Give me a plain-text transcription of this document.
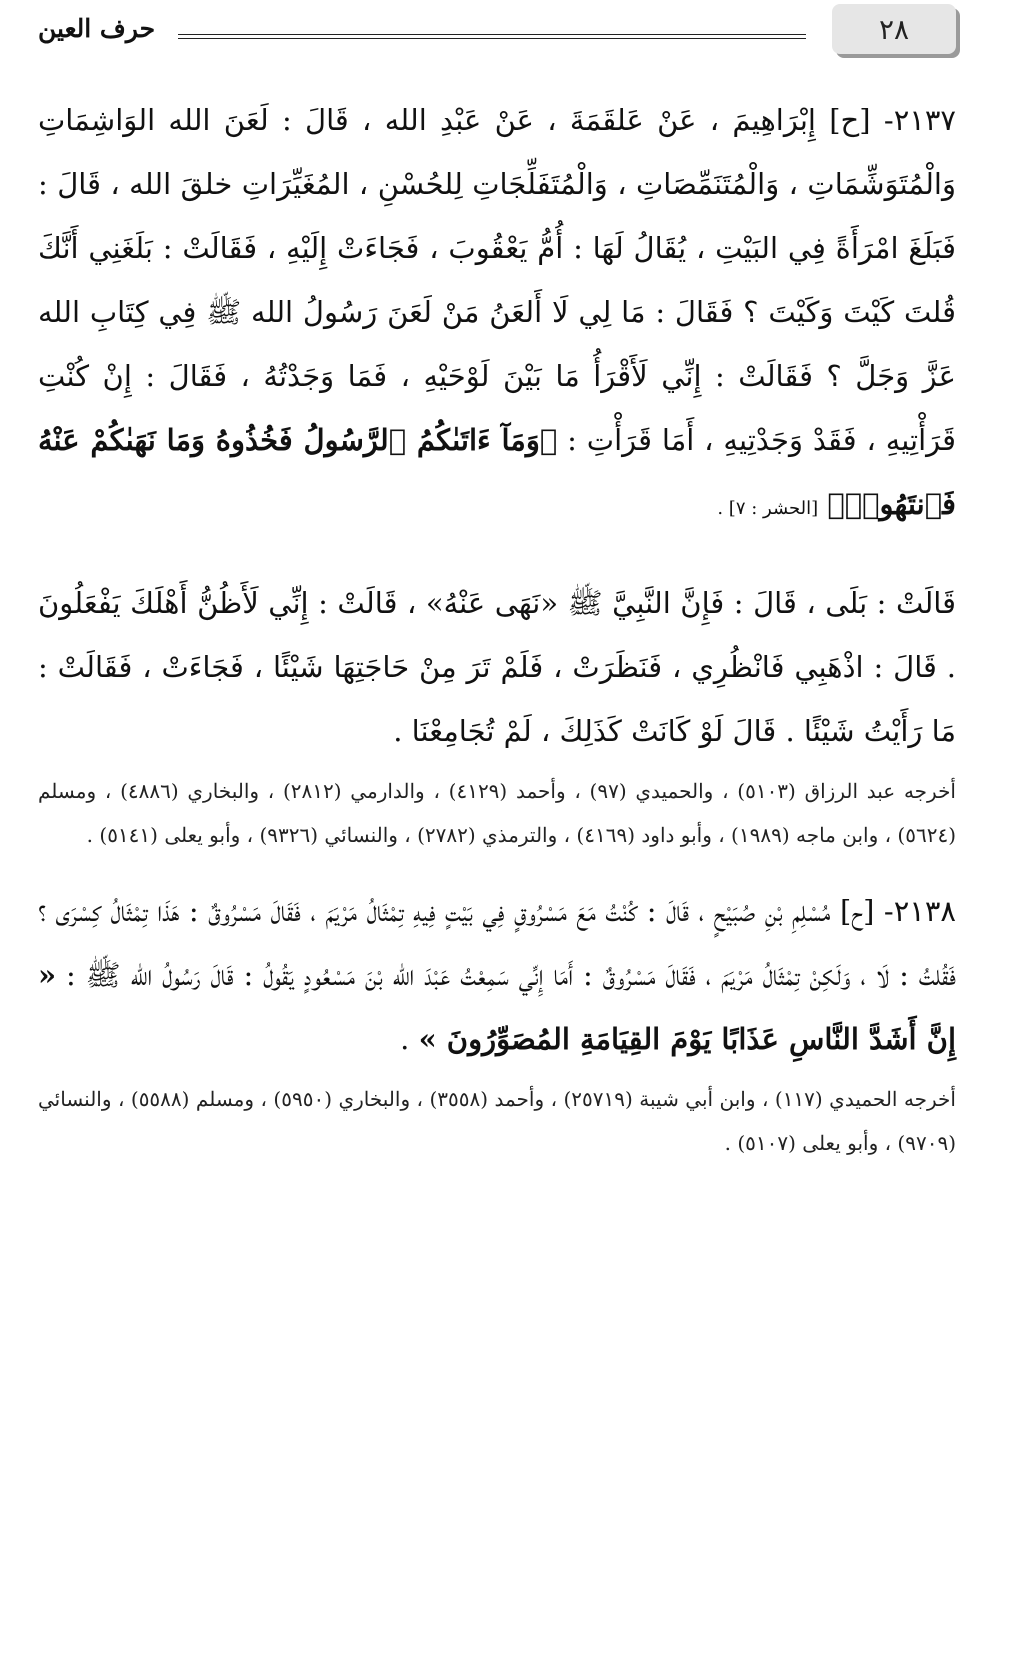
٢٨
حرف العين

٢١٣٧- [ح] إِبْرَاهِيمَ ، عَنْ عَلقَمَةَ ، عَنْ عَبْدِ الله ، قَالَ : لَعَنَ الله الوَاشِمَاتِ وَالْمُتَوَشِّمَاتِ ، وَالْمُتَنَمِّصَاتِ ، وَالْمُتَفَلِّجَاتِ لِلحُسْنِ ، المُغَيِّرَاتِ خلقَ الله ، قَالَ : فَبَلَغَ امْرَأَةً فِي البَيْتِ ، يُقَالُ لَهَا : أُمُّ يَعْقُوبَ ، فَجَاءَتْ إِلَيْهِ ، فَقَالَتْ : بَلَغَنِي أَنَّكَ قُلتَ كَيْتَ وَكَيْتَ ؟ فَقَالَ : مَا لِي لَا أَلعَنُ مَنْ لَعَنَ رَسُولُ الله ﷺ فِي كِتَابِ الله عَزَّ وَجَلَّ ؟ فَقَالَتْ : إِنِّي لَأَقْرَأُ مَا بَيْنَ لَوْحَيْهِ ، فَمَا وَجَدْتُهُ ، فَقَالَ : إِنْ كُنْتِ قَرَأْتِيهِ ، فَقَدْ وَجَدْتِيهِ ، أَمَا قَرَأْتِ : ﴿وَمَآ ءَاتَىٰكُمُ ٱلرَّسُولُ فَخُذُوهُ وَمَا نَهَىٰكُمْ عَنْهُ فَٱنتَهُوا۟﴾ [الحشر : ٧] .

قَالَتْ : بَلَى ، قَالَ : فَإِنَّ النَّبِيَّ ﷺ «نَهَى عَنْهُ» ، قَالَتْ : إِنِّي لَأَظُنُّ أَهْلَكَ يَفْعَلُونَ . قَالَ : اذْهَبِي فَانْظُرِي ، فَنَظَرَتْ ، فَلَمْ تَرَ مِنْ حَاجَتِهَا شَيْئًا ، فَجَاءَتْ ، فَقَالَتْ : مَا رَأَيْتُ شَيْئًا . قَالَ لَوْ كَانَتْ كَذَلِكَ ، لَمْ تُجَامِعْنَا .

أخرجه عبد الرزاق (٥١٠٣) ، والحميدي (٩٧) ، وأحمد (٤١٢٩) ، والدارمي (٢٨١٢) ، والبخاري (٤٨٨٦) ، ومسلم (٥٦٢٤) ، وابن ماجه (١٩٨٩) ، وأبو داود (٤١٦٩) ، والترمذي (٢٧٨٢) ، والنسائي (٩٣٢٦) ، وأبو يعلى (٥١٤١) .

٢١٣٨- [ح] مُسْلِمِ بْنِ صُبَيْحٍ ، قَالَ : كُنْتُ مَعَ مَسْرُوقٍ فِي بَيْتٍ فِيهِ تِمْثَالُ مَرْيَمَ ، فَقَالَ مَسْرُوقٌ : هَذَا تِمْثَالُ كِسْرَى ؟ فَقُلتُ : لَا ، وَلَكِنْ تِمْثَالُ مَرْيَمَ ، فَقَالَ مَسْرُوقٌ : أَمَا إِنِّي سَمِعْتُ عَبْدَ الله بْنَ مَسْعُودٍ يَقُولُ : قَالَ رَسُولُ الله ﷺ : « إِنَّ أَشَدَّ النَّاسِ عَذَابًا يَوْمَ القِيَامَةِ المُصَوِّرُونَ » .

أخرجه الحميدي (١١٧) ، وابن أبي شيبة (٢٥٧١٩) ، وأحمد (٣٥٥٨) ، والبخاري (٥٩٥٠) ، ومسلم (٥٥٨٨) ، والنسائي (٩٧٠٩) ، وأبو يعلى (٥١٠٧) .
